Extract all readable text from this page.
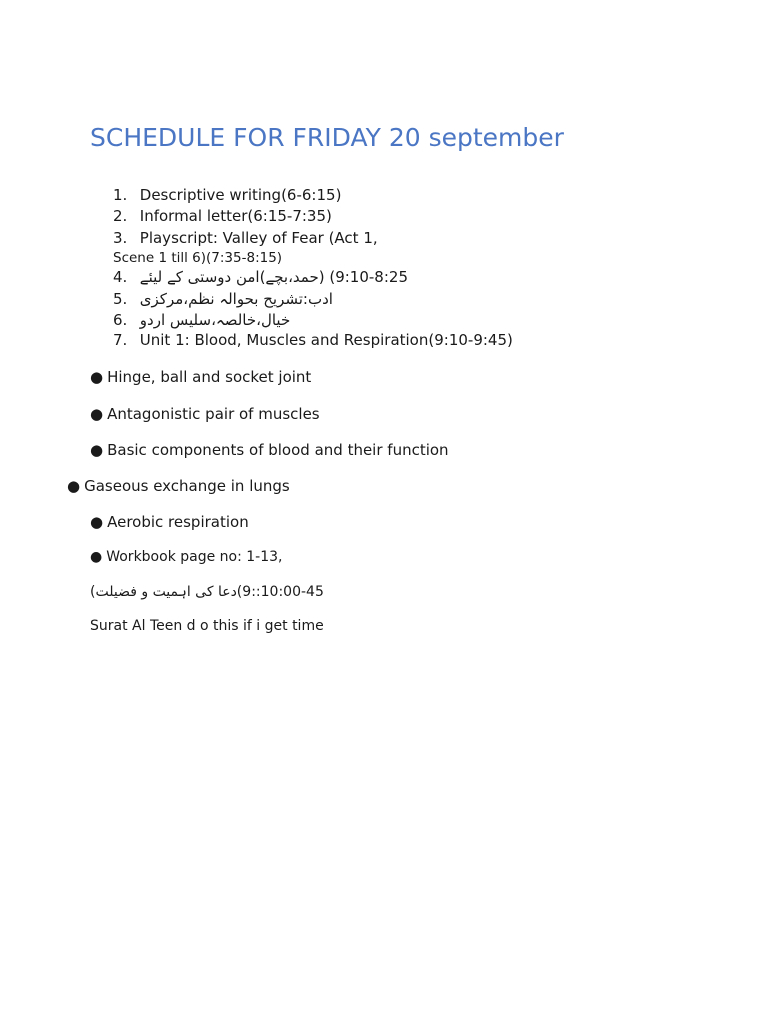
SCHEDULE FOR FRIDAY 20 september
1. Descriptive writing(6-6:15)
2. Informal letter(6:15-7:35)
3. Playscript: Valley of Fear (Act 1,
Scene 1 till 6)(7:35-8:15)
4. 9:10-8:25) (حمد،بچے)امن دوستی کے لیئے
5. ادب:تشریح بحوالہ نظم،مرکزی
6. خیال،خالصہ،سلیس اردو
7. Unit 1: Blood, Muscles and Respiration(9:10-9:45)
● Hinge, ball and socket joint
● Antagonistic pair of muscles
● Basic components of blood and their function
● Gaseous exchange in lungs
● Aerobic respiration
● Workbook page no: 1-13,
10:00-45::9)دعا کی اہمیت و فضیلت)
Surat Al Teen d o this if i get time
